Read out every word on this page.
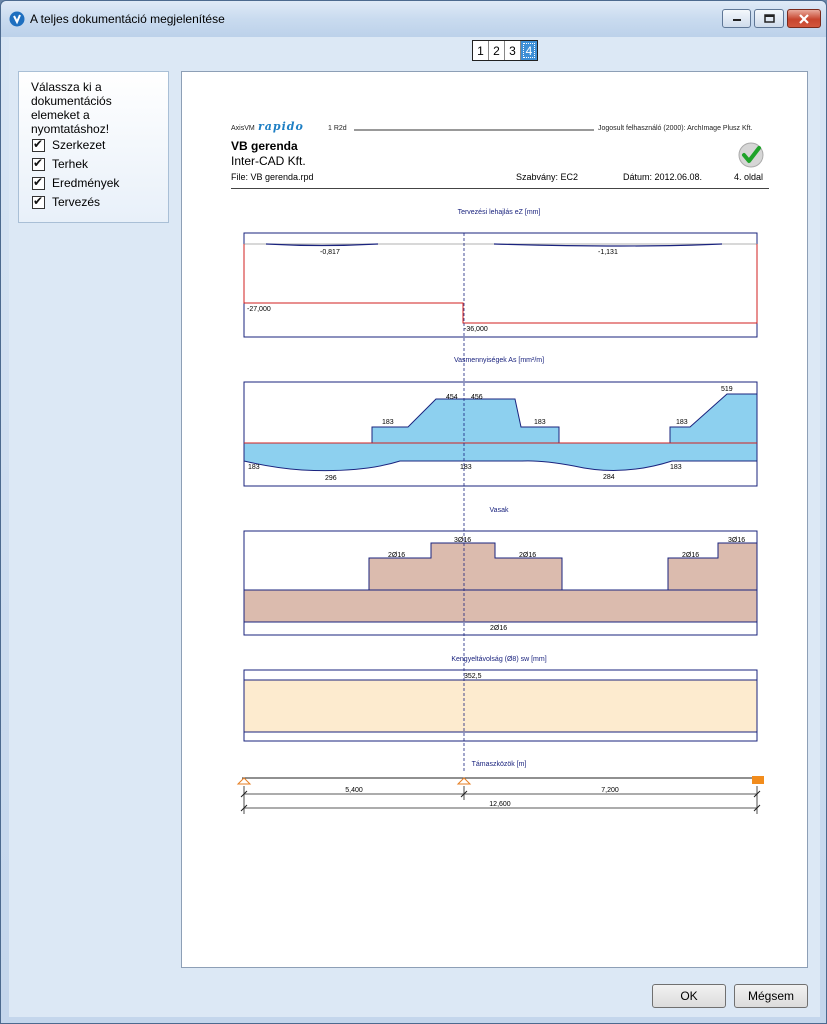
A teljes dokumentáció megjelenítése
1 2 3 4
Válassza ki a dokumentációs elemeket a nyomtatáshoz!
✔
Szerkezet
✔
Terhek
✔
Eredmények
✔
Tervezés
AxisVM rapido	1 R2d	Jogosult felhasználó (2000): ArchImage Plusz Kft.
VB gerenda
Inter-CAD Kft.
File: VB gerenda.rpd	Szabvány: EC2	Dátum: 2012.06.08.	4. oldal
Tervezési lehajlás eZ [mm]
-0,817	-1,131
-27,000
-36,000
Vasmennyiségek As [mm²/m]
454 456
519
183	183	183
183	183	183
296	284
Vasak
2Ø16
3Ø16
2Ø16	2Ø16
3Ø16
2Ø16
Kengyeltávolság (Ø8) sw [mm]
352,5
Támaszközök [m]
5,400	7,200
12,600
OK	Mégsem
